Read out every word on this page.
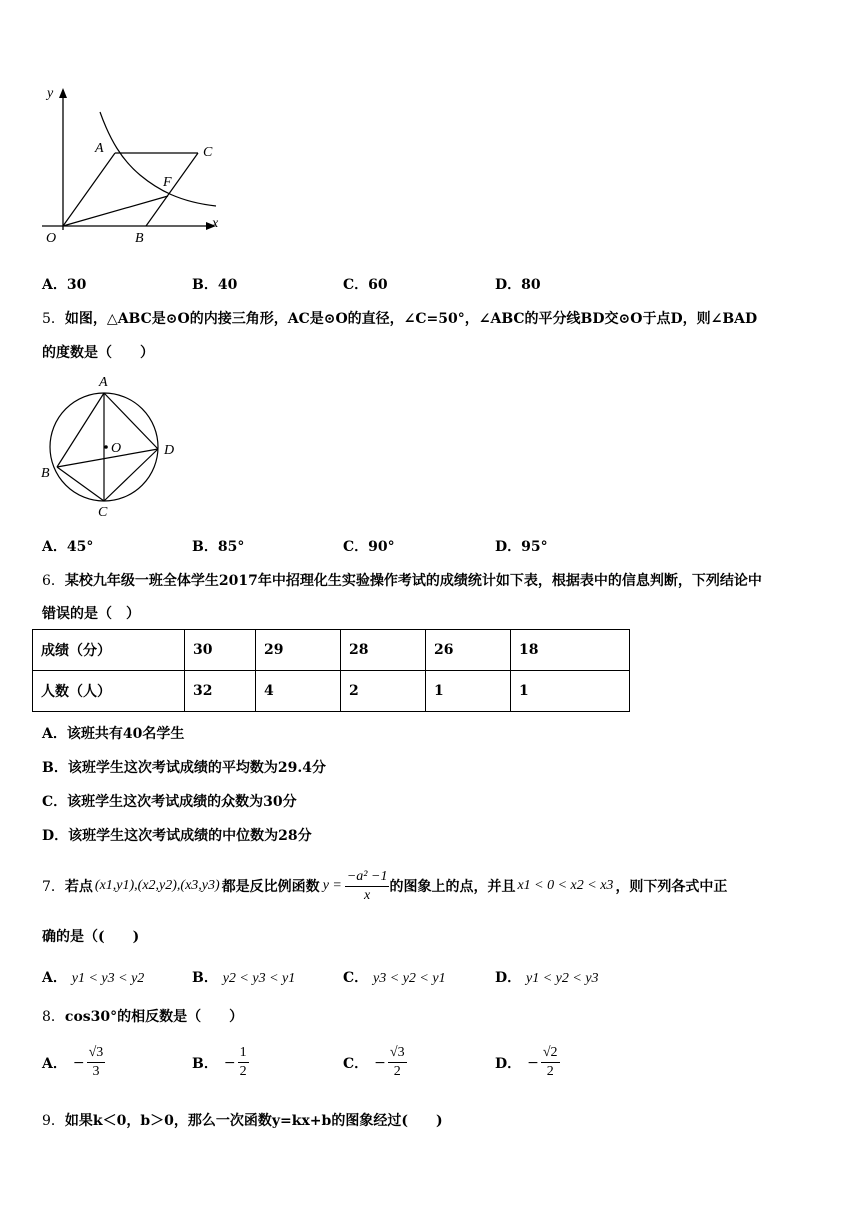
y
x
O
A
B
C
F
A．30	B．40	C．60	D．80
5．如图，△ABC是⊙O的内接三角形，AC是⊙O的直径，∠C=50°，∠ABC的平分线BD交⊙O于点D，则∠BAD
的度数是（　　）
A
O	D
B
C
A．45°	B．85°	C．90°	D．95°
6．某校九年级一班全体学生2017年中招理化生实验操作考试的成绩统计如下表，根据表中的信息判断，下列结论中
错误的是（　）
成绩（分）	30	29	28	26	18
人数（人）	32	4	2	1	1
A．该班共有40名学生
B．该班学生这次考试成绩的平均数为29.4分
C．该班学生这次考试成绩的众数为30分
D．该班学生这次考试成绩的中位数为28分
7． 若点 (x1,y1),(x2,y2),(x3,y3) 都是反比例函数 $y = \frac{\text{−a² −1}}{x}$ 的图象上的点，并且 x1 < 0 < x2 < x3 ，则下列各式中正
确的是（(　　)
A． y1 < y3 < y2	B． y2 < y3 < y1	C． y3 < y2 < y1	D． y1 < y2 < y3
8．cos30°的相反数是（　　）
A． − $\frac{√3}{3}$	B． − $\frac{1}{2}$	C． − $\frac{√3}{2}$	D． − $\frac{√2}{2}$
9．如果k＜0，b＞0，那么一次函数y=kx+b的图象经过(　　)
